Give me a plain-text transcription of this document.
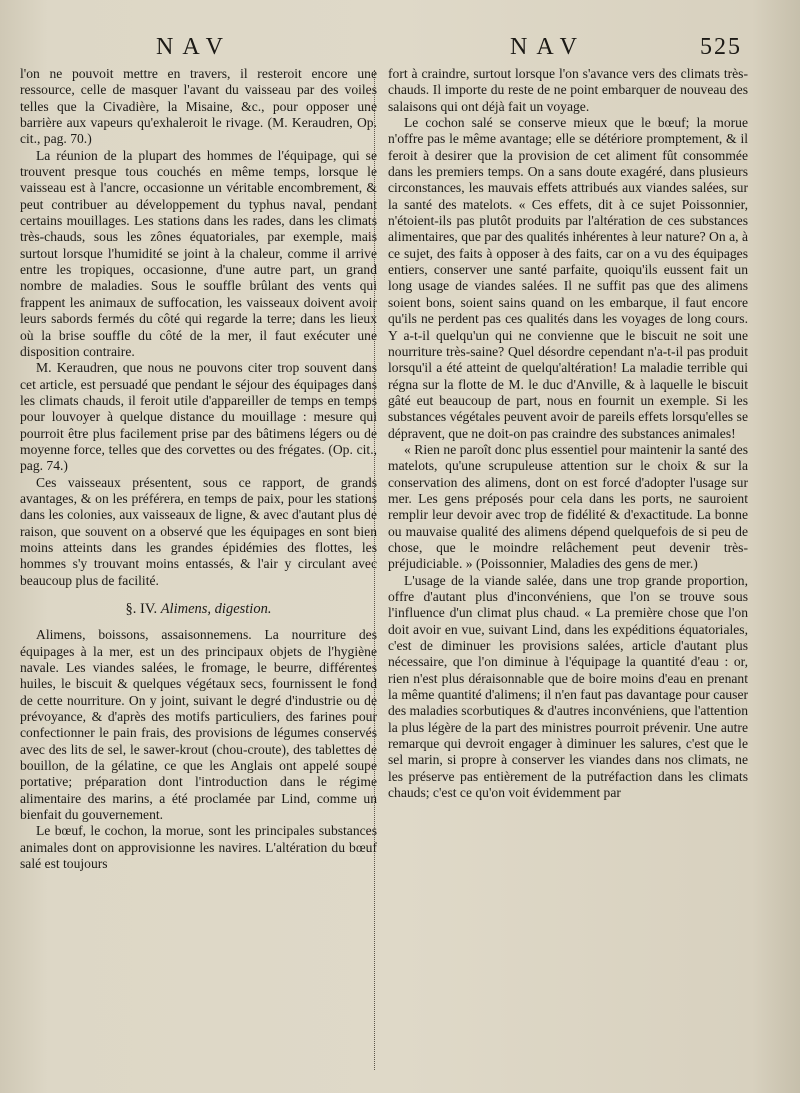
NAV	NAV	525

l'on ne pouvoit mettre en travers, il resteroit encore une ressource, celle de masquer l'avant du vaisseau par des voiles telles que la Civadière, la Misaine, &c., pour opposer une barrière aux vapeurs qu'exhaleroit le rivage. (M. Keraudren, Op. cit., pag. 70.)

La réunion de la plupart des hommes de l'équipage, qui se trouvent presque tous couchés en même temps, lorsque le vaisseau est à l'ancre, occasionne un véritable encombrement, & peut contribuer au développement du typhus naval, pendant certains mouillages. Les stations dans les rades, dans les climats très-chauds, sous les zônes équatoriales, par exemple, mais surtout lorsque l'humidité se joint à la chaleur, comme il arrive entre les tropiques, occasionne, d'une autre part, un grand nombre de maladies. Sous le souffle brûlant des vents qui frappent les animaux de suffocation, les vaisseaux doivent avoir leurs sabords fermés du côté qui regarde la terre; dans les lieux où la brise souffle du côté de la mer, il faut exécuter une disposition contraire.

M. Keraudren, que nous ne pouvons citer trop souvent dans cet article, est persuadé que pendant le séjour des équipages dans les climats chauds, il feroit utile d'appareiller de temps en temps pour louvoyer à quelque distance du mouillage : mesure qui pourroit être plus facilement prise par des bâtimens légers ou de moyenne force, telles que des corvettes ou des frégates. (Op. cit., pag. 74.)

Ces vaisseaux présentent, sous ce rapport, de grands avantages, & on les préférera, en temps de paix, pour les stations dans les colonies, aux vaisseaux de ligne, & avec d'autant plus de raison, que souvent on a observé que les équipages en sont bien moins atteints dans les grandes épidémies des flottes, les hommes s'y trouvant moins entassés, & l'air y circulant avec beaucoup plus de facilité.

§. IV. Alimens, digestion.

Alimens, boissons, assaisonnemens. La nourriture des équipages à la mer, est un des principaux objets de l'hygiène navale. Les viandes salées, le fromage, le beurre, différentes huiles, le biscuit & quelques végétaux secs, fournissent le fond de cette nourriture. On y joint, suivant le degré d'industrie ou de prévoyance, & d'après des motifs particuliers, des farines pour confectionner le pain frais, des provisions de légumes conservés avec des lits de sel, le sawer-krout (chou-croute), des tablettes de bouillon, de la gélatine, ce que les Anglais ont appelé soupe portative; préparation dont l'introduction dans le régime alimentaire des marins, a été proclamée par Lind, comme un bienfait du gouvernement.

Le bœuf, le cochon, la morue, sont les principales substances animales dont on approvisionne les navires. L'altération du bœuf salé est toujours

fort à craindre, surtout lorsque l'on s'avance vers des climats très-chauds. Il importe du reste de ne point embarquer de nouveau des salaisons qui ont déjà fait un voyage.

Le cochon salé se conserve mieux que le bœuf; la morue n'offre pas le même avantage; elle se détériore promptement, & il feroit à desirer que la provision de cet aliment fût consommée dans les premiers temps. On a sans doute exagéré, dans plusieurs circonstances, les mauvais effets attribués aux viandes salées, sur la santé des matelots. « Ces effets, dit à ce sujet Poissonnier, n'étoient-ils pas plutôt produits par l'altération de ces substances alimentaires, que par des qualités inhérentes à leur nature? On a, à ce sujet, des faits à opposer à des faits, car on a vu des équipages entiers, conserver une santé parfaite, quoiqu'ils eussent fait un long usage de viandes salées. Il ne suffit pas que des alimens soient bons, soient sains quand on les embarque, il faut encore qu'ils ne perdent pas ces qualités dans les voyages de long cours. Y a-t-il quelqu'un qui ne convienne que le biscuit ne soit une nourriture très-saine? Quel désordre cependant n'a-t-il pas produit lorsqu'il a été atteint de quelqu'altération! La maladie terrible qui régna sur la flotte de M. le duc d'Anville, & à laquelle le biscuit gâté eut beaucoup de part, nous en fournit un exemple. Si les substances végétales peuvent avoir de pareils effets lorsqu'elles se dépravent, que ne doit-on pas craindre des substances animales!

« Rien ne paroît donc plus essentiel pour maintenir la santé des matelots, qu'une scrupuleuse attention sur le choix & sur la conservation des alimens, dont on est forcé d'adopter l'usage sur mer. Les gens préposés pour cela dans les ports, ne sauroient remplir leur devoir avec trop de fidélité & d'exactitude. La bonne ou mauvaise qualité des alimens dépend quelquefois de si peu de chose, que le moindre relâchement peut devenir très-préjudiciable. » (Poissonnier, Maladies des gens de mer.)

L'usage de la viande salée, dans une trop grande proportion, offre d'autant plus d'inconvéniens, que l'on se trouve sous l'influence d'un climat plus chaud. « La première chose que l'on doit avoir en vue, suivant Lind, dans les expéditions équatoriales, c'est de diminuer les provisions salées, article d'autant plus nécessaire, que l'on diminue à l'équipage la quantité d'eau : or, rien n'est plus déraisonnable que de boire moins d'eau en prenant la même quantité d'alimens; il n'en faut pas davantage pour causer des maladies scorbutiques & d'autres inconvéniens, que l'attention la plus légère de la part des ministres pourroit prévenir. Une autre remarque qui devroit engager à diminuer les salures, c'est que le sel marin, si propre à conserver les viandes dans nos climats, ne les préserve pas entièrement de la putréfaction dans les climats chauds; c'est ce qu'on voit évidemment par
